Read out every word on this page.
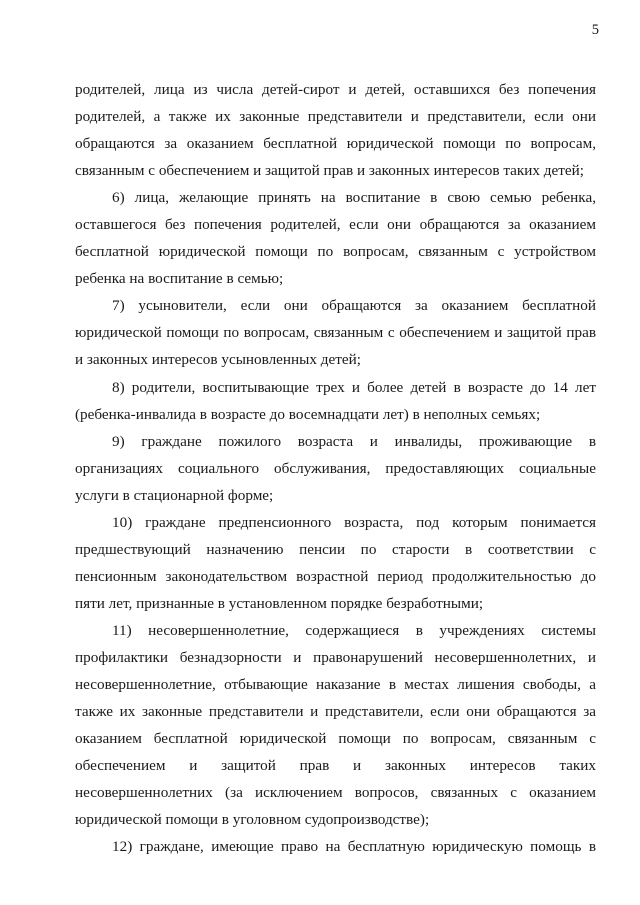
5

родителей, лица из числа детей-сирот и детей, оставшихся без попечения
родителей, а также их законные представители и представители, если они
обращаются за оказанием бесплатной юридической помощи по вопросам,
связанным с обеспечением и защитой прав и законных интересов таких детей;

6) лица, желающие принять на воспитание в свою семью ребенка,
оставшегося без попечения родителей, если они обращаются за оказанием
бесплатной юридической помощи по вопросам, связанным с устройством
ребенка на воспитание в семью;

7) усыновители, если они обращаются за оказанием бесплатной
юридической помощи по вопросам, связанным с обеспечением и защитой прав
и законных интересов усыновленных детей;

8) родители, воспитывающие трех и более детей в возрасте до 14 лет
(ребенка-инвалида в возрасте до восемнадцати лет) в неполных семьях;

9) граждане пожилого возраста и инвалиды, проживающие в
организациях социального обслуживания, предоставляющих социальные
услуги в стационарной форме;

10) граждане предпенсионного возраста, под которым понимается
предшествующий назначению пенсии по старости в соответствии с
пенсионным законодательством возрастной период продолжительностью до
пяти лет, признанные в установленном порядке безработными;

11) несовершеннолетние, содержащиеся в учреждениях системы
профилактики безнадзорности и правонарушений несовершеннолетних, и
несовершеннолетние, отбывающие наказание в местах лишения свободы, а
также их законные представители и представители, если они обращаются за
оказанием бесплатной юридической помощи по вопросам, связанным с
обеспечением и защитой прав и законных интересов таких
несовершеннолетних (за исключением вопросов, связанных с оказанием
юридической помощи в уголовном судопроизводстве);

12) граждане, имеющие право на бесплатную юридическую помощь в
